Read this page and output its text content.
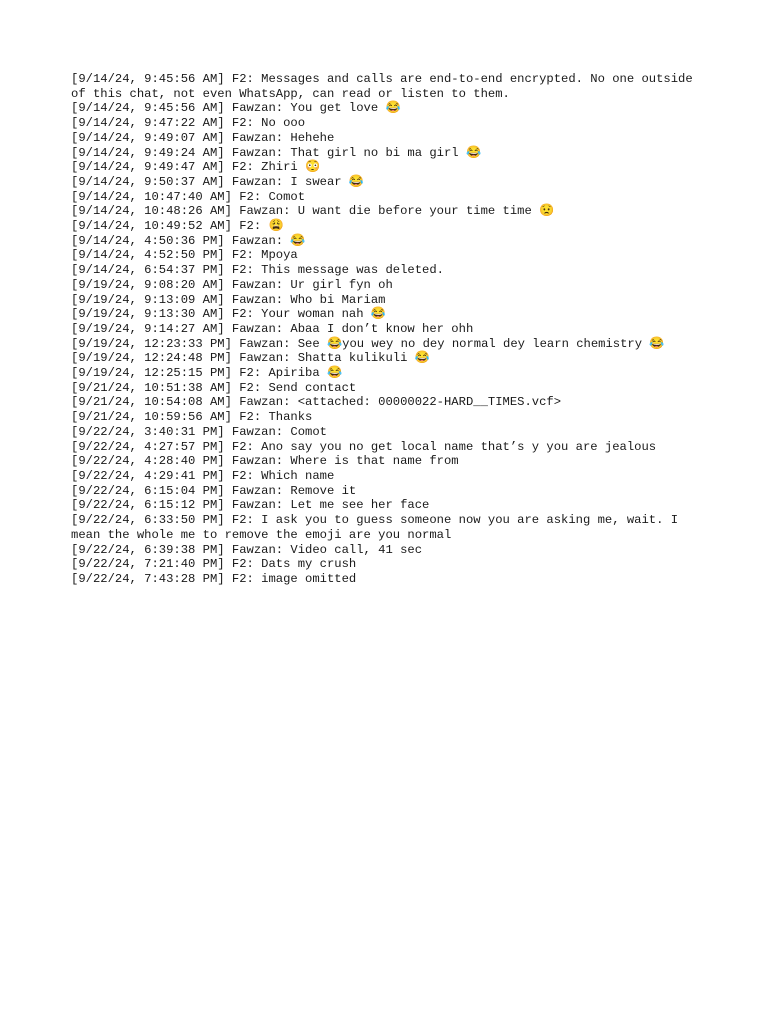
[9/14/24, 9:45:56 AM] F2: Messages and calls are end-to-end encrypted. No one outside of this chat, not even WhatsApp, can read or listen to them.
[9/14/24, 9:45:56 AM] Fawzan: You get love 😂
[9/14/24, 9:47:22 AM] F2: No ooo
[9/14/24, 9:49:07 AM] Fawzan: Hehehe
[9/14/24, 9:49:24 AM] Fawzan: That girl no bi ma girl 😂
[9/14/24, 9:49:47 AM] F2: Zhiri 😳
[9/14/24, 9:50:37 AM] Fawzan: I swear 😂
[9/14/24, 10:47:40 AM] F2: Comot
[9/14/24, 10:48:26 AM] Fawzan: U want die before your time time 😟
[9/14/24, 10:49:52 AM] F2: 😩
[9/14/24, 4:50:36 PM] Fawzan: 😂
[9/14/24, 4:52:50 PM] F2: Mpoya
[9/14/24, 6:54:37 PM] F2: This message was deleted.
[9/19/24, 9:08:20 AM] Fawzan: Ur girl fyn oh
[9/19/24, 9:13:09 AM] Fawzan: Who bi Mariam
[9/19/24, 9:13:30 AM] F2: Your woman nah 😂
[9/19/24, 9:14:27 AM] Fawzan: Abaa I don’t know her ohh
[9/19/24, 12:23:33 PM] Fawzan: See 😂you wey no dey normal dey learn chemistry 😂
[9/19/24, 12:24:48 PM] Fawzan: Shatta kulikuli 😂
[9/19/24, 12:25:15 PM] F2: Apiriba 😂
[9/21/24, 10:51:38 AM] F2: Send contact
[9/21/24, 10:54:08 AM] Fawzan: <attached: 00000022-HARD__TIMES.vcf>
[9/21/24, 10:59:56 AM] F2: Thanks
[9/22/24, 3:40:31 PM] Fawzan: Comot
[9/22/24, 4:27:57 PM] F2: Ano say you no get local name that’s y you are jealous
[9/22/24, 4:28:40 PM] Fawzan: Where is that name from
[9/22/24, 4:29:41 PM] F2: Which name
[9/22/24, 6:15:04 PM] Fawzan: Remove it
[9/22/24, 6:15:12 PM] Fawzan: Let me see her face
[9/22/24, 6:33:50 PM] F2: I ask you to guess someone now you are asking me, wait. I mean the whole me to remove the emoji are you normal
[9/22/24, 6:39:38 PM] Fawzan: Video call, 41 sec
[9/22/24, 7:21:40 PM] F2: Dats my crush
[9/22/24, 7:43:28 PM] F2: image omitted
